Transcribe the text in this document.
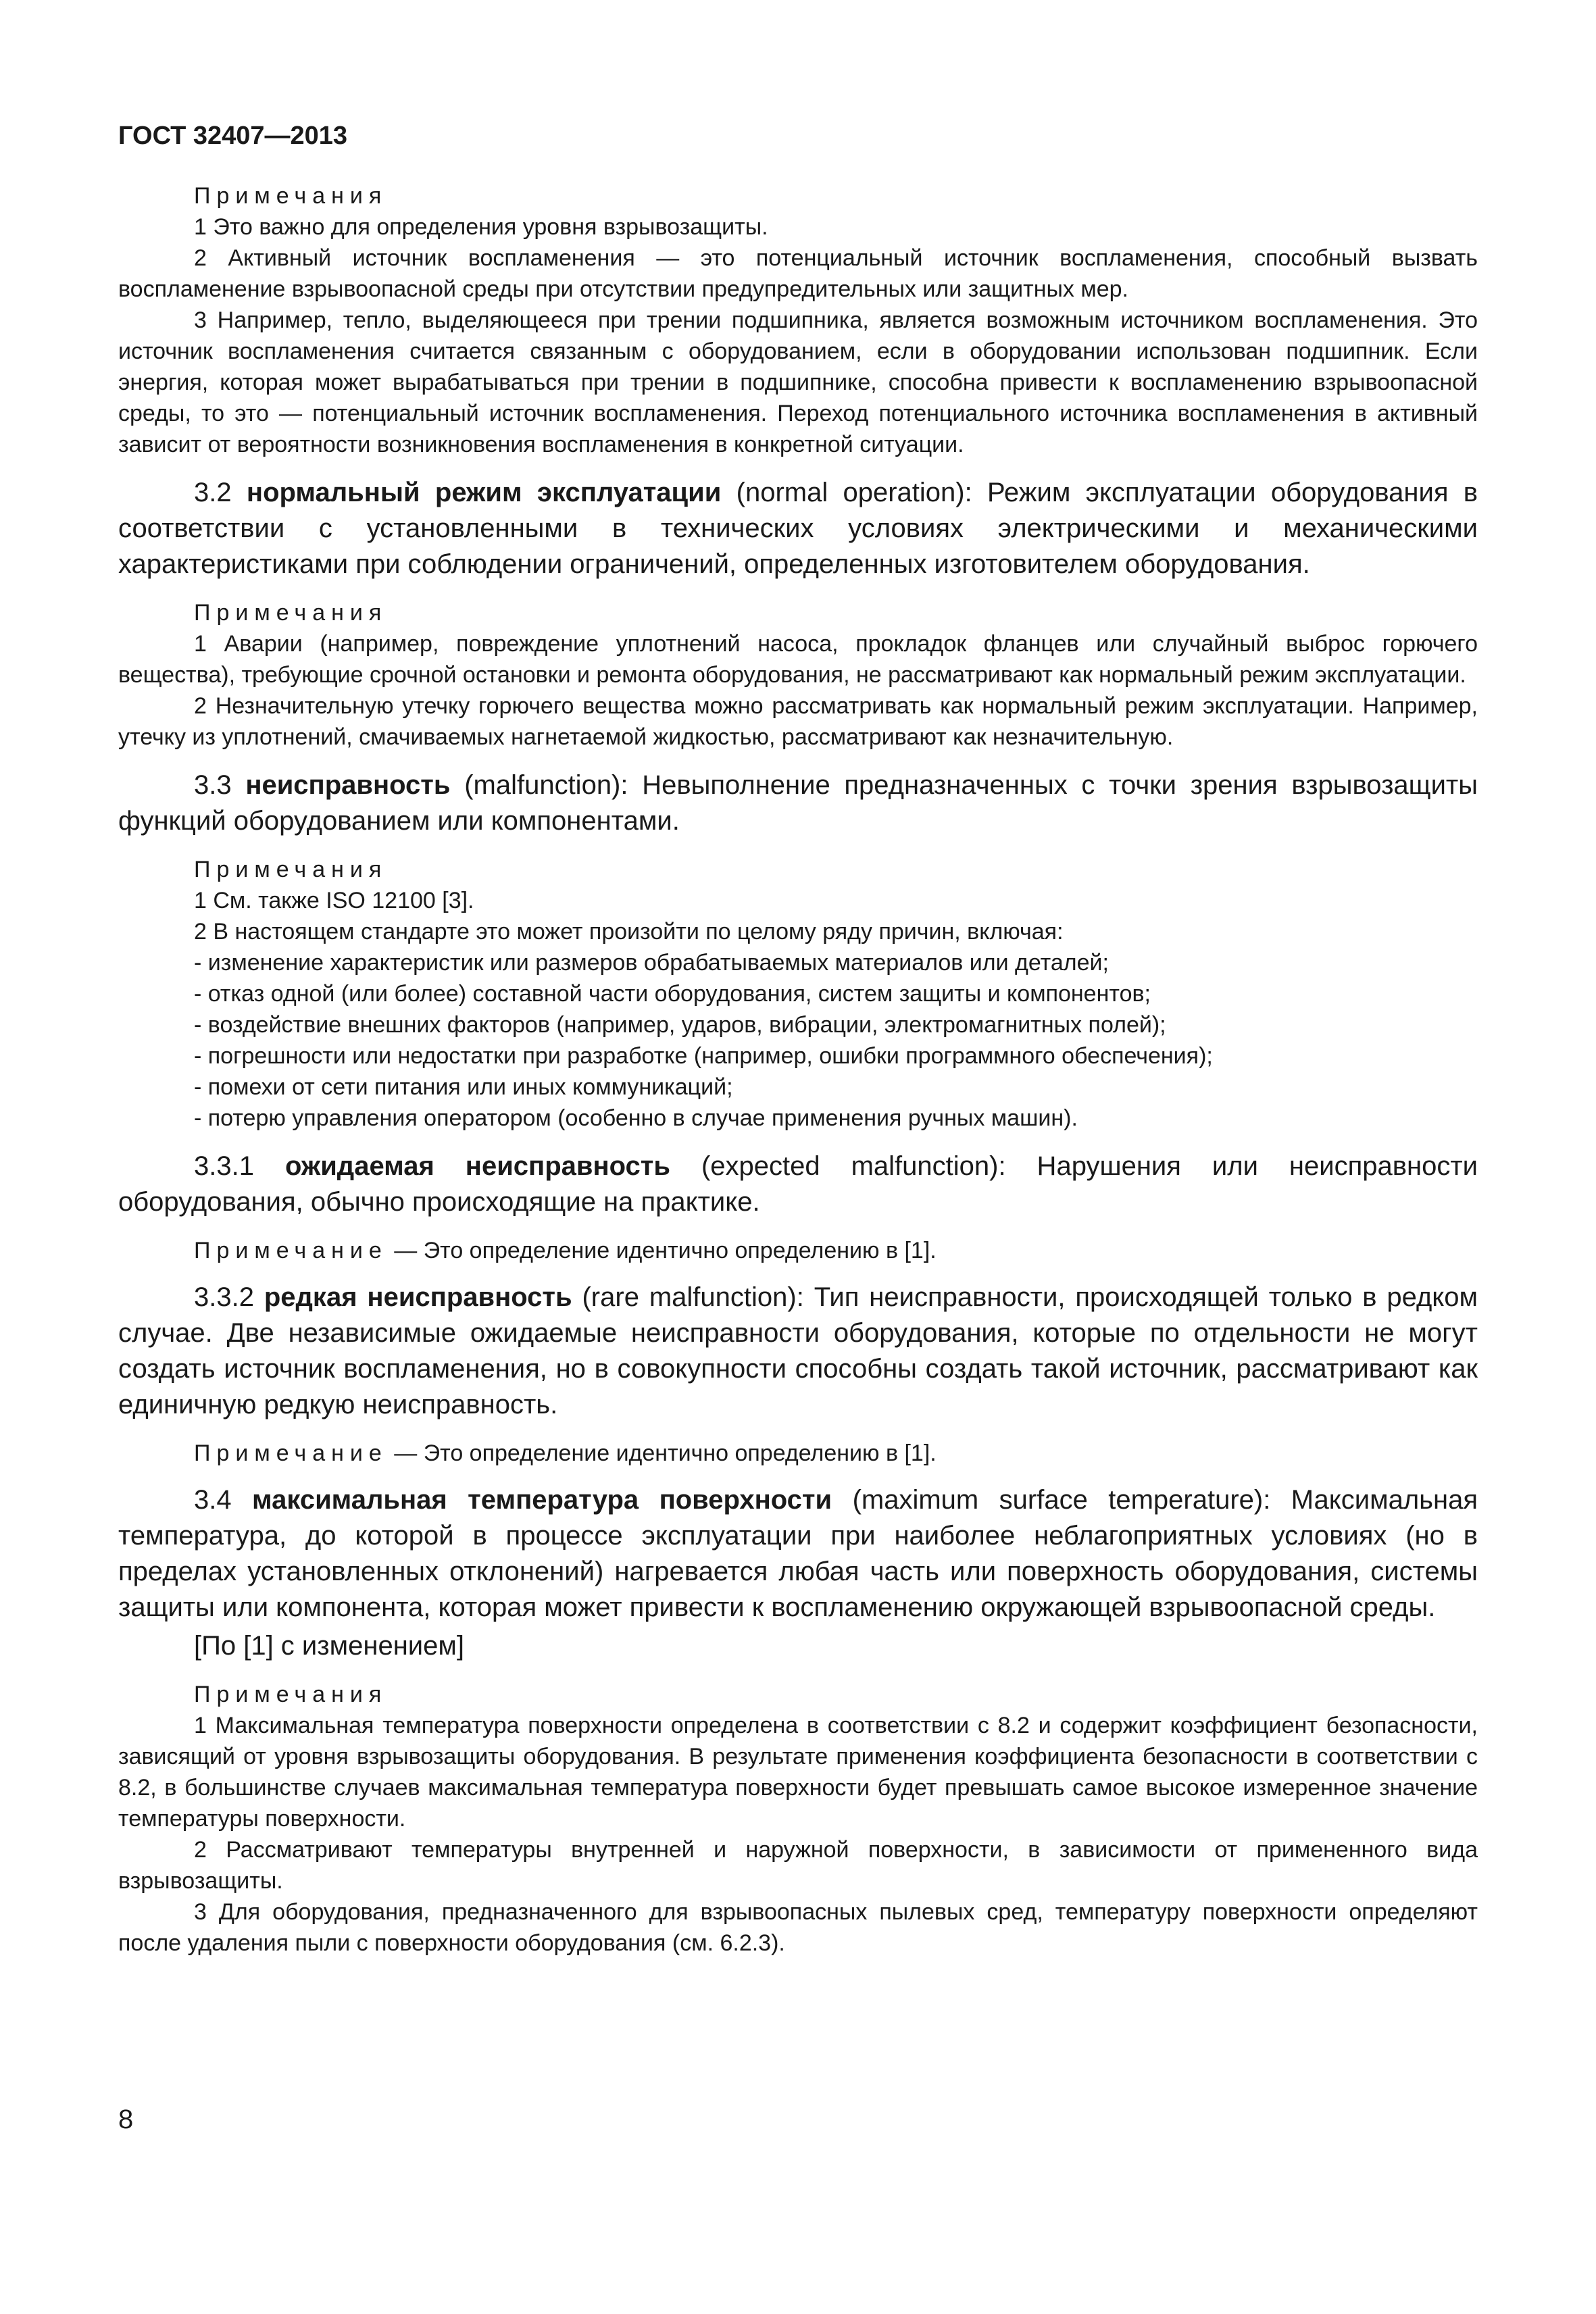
ГОСТ 32407—2013

Примечания

1 Это важно для определения уровня взрывозащиты.

2 Активный источник воспламенения — это потенциальный источник воспламенения, способный вызвать воспламенение взрывоопасной среды при отсутствии предупредительных или защитных мер.

3 Например, тепло, выделяющееся при трении подшипника, является возможным источником воспламенения. Это источник воспламенения считается связанным с оборудованием, если в оборудовании использован подшипник. Если энергия, которая может вырабатываться при трении в подшипнике, способна привести к воспламенению взрывоопасной среды, то это — потенциальный источник воспламенения. Переход потенциального источника воспламенения в активный зависит от вероятности возникновения воспламенения в конкретной ситуации.

3.2 нормальный режим эксплуатации (normal operation): Режим эксплуатации оборудования в соответствии с установленными в технических условиях электрическими и механическими характеристиками при соблюдении ограничений, определенных изготовителем оборудования.

Примечания

1 Аварии (например, повреждение уплотнений насоса, прокладок фланцев или случайный выброс горючего вещества), требующие срочной остановки и ремонта оборудования, не рассматривают как нормальный режим эксплуатации.

2 Незначительную утечку горючего вещества можно рассматривать как нормальный режим эксплуатации. Например, утечку из уплотнений, смачиваемых нагнетаемой жидкостью, рассматривают как незначительную.

3.3 неисправность (malfunction): Невыполнение предназначенных с точки зрения взрывозащиты функций оборудованием или компонентами.

Примечания

1 См. также ISO 12100 [3].

2 В настоящем стандарте это может произойти по целому ряду причин, включая:

- изменение характеристик или размеров обрабатываемых материалов или деталей;

- отказ одной (или более) составной части оборудования, систем защиты и компонентов;

- воздействие внешних факторов (например, ударов, вибрации, электромагнитных полей);

- погрешности или недостатки при разработке (например, ошибки программного обеспечения);

- помехи от сети питания или иных коммуникаций;

- потерю управления оператором (особенно в случае применения ручных машин).

3.3.1 ожидаемая неисправность (expected malfunction): Нарушения или неисправности оборудования, обычно происходящие на практике.

Примечание — Это определение идентично определению в [1].

3.3.2 редкая неисправность (rare malfunction): Тип неисправности, происходящей только в редком случае. Две независимые ожидаемые неисправности оборудования, которые по отдельности не могут создать источник воспламенения, но в совокупности способны создать такой источник, рассматривают как единичную редкую неисправность.

Примечание — Это определение идентично определению в [1].

3.4 максимальная температура поверхности (maximum surface temperature): Максимальная температура, до которой в процессе эксплуатации при наиболее неблагоприятных условиях (но в пределах установленных отклонений) нагревается любая часть или поверхность оборудования, системы защиты или компонента, которая может привести к воспламенению окружающей взрывоопасной среды.

[По [1] с изменением]

Примечания

1 Максимальная температура поверхности определена в соответствии с 8.2 и содержит коэффициент безопасности, зависящий от уровня взрывозащиты оборудования. В результате применения коэффициента безопасности в соответствии с 8.2, в большинстве случаев максимальная температура поверхности будет превышать самое высокое измеренное значение температуры поверхности.

2 Рассматривают температуры внутренней и наружной поверхности, в зависимости от примененного вида взрывозащиты.

3 Для оборудования, предназначенного для взрывоопасных пылевых сред, температуру поверхности определяют после удаления пыли с поверхности оборудования (см. 6.2.3).

8
